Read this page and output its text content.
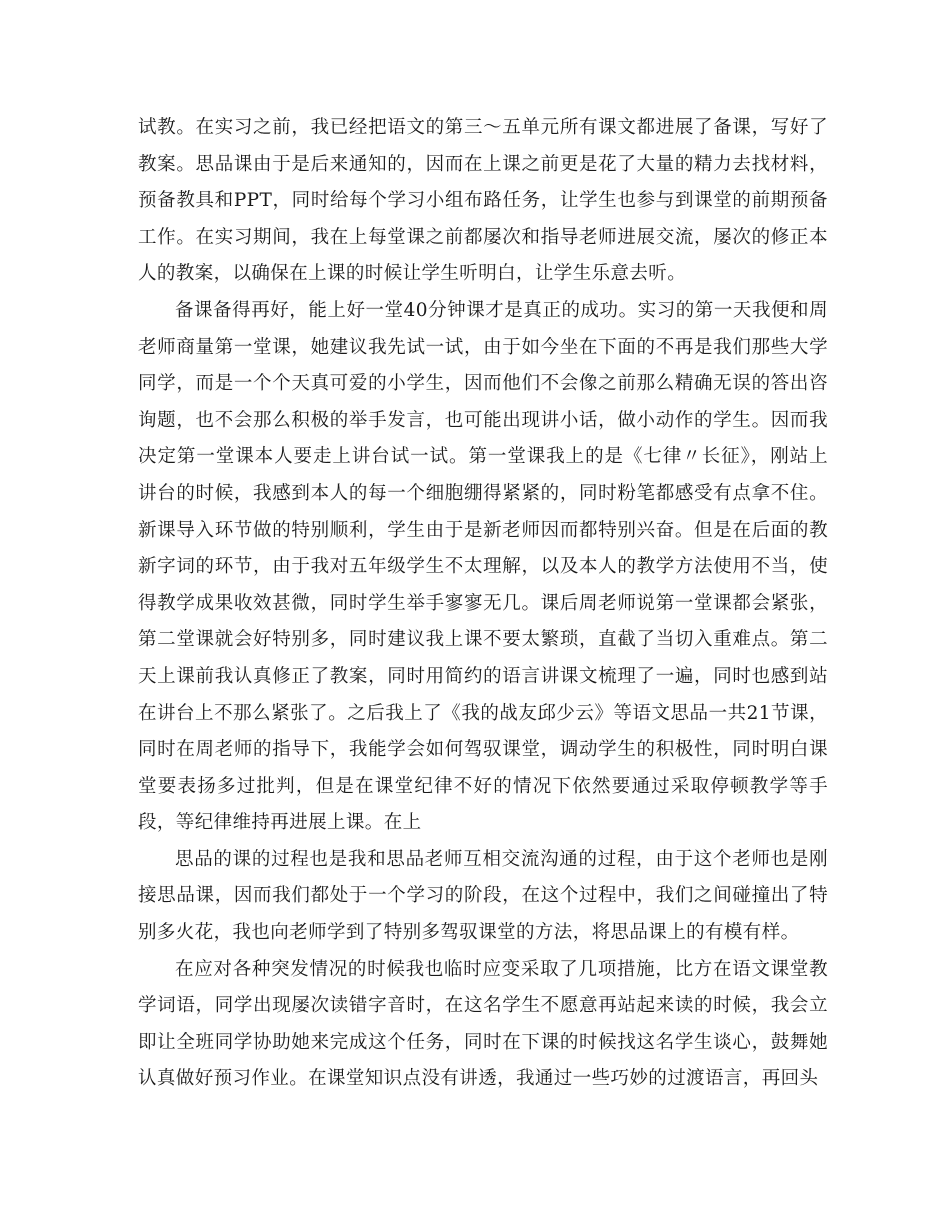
试教。在实习之前，我已经把语文的第三～五单元所有课文都进展了备课，写好了教案。思品课由于是后来通知的，因而在上课之前更是花了大量的精力去找材料，预备教具和PPT，同时给每个学习小组布路任务，让学生也参与到课堂的前期预备工作。在实习期间，我在上每堂课之前都屡次和指导老师进展交流，屡次的修正本人的教案，以确保在上课的时候让学生听明白，让学生乐意去听。

备课备得再好，能上好一堂40分钟课才是真正的成功。实习的第一天我便和周老师商量第一堂课，她建议我先试一试，由于如今坐在下面的不再是我们那些大学同学，而是一个个天真可爱的小学生，因而他们不会像之前那么精确无误的答出咨询题，也不会那么积极的举手发言，也可能出现讲小话，做小动作的学生。因而我决定第一堂课本人要走上讲台试一试。第一堂课我上的是《七律〃长征》，刚站上讲台的时候，我感到本人的每一个细胞绷得紧紧的，同时粉笔都感受有点拿不住。新课导入环节做的特别顺利，学生由于是新老师因而都特别兴奋。但是在后面的教新字词的环节，由于我对五年级学生不太理解，以及本人的教学方法使用不当，使得教学成果收效甚微，同时学生举手寥寥无几。课后周老师说第一堂课都会紧张，第二堂课就会好特别多，同时建议我上课不要太繁琐，直截了当切入重难点。第二天上课前我认真修正了教案，同时用简约的语言讲课文梳理了一遍，同时也感到站在讲台上不那么紧张了。之后我上了《我的战友邱少云》等语文思品一共21节课，同时在周老师的指导下，我能学会如何驾驭课堂，调动学生的积极性，同时明白课堂要表扬多过批判，但是在课堂纪律不好的情况下依然要通过采取停顿教学等手段，等纪律维持再进展上课。在上

思品的课的过程也是我和思品老师互相交流沟通的过程，由于这个老师也是刚接思品课，因而我们都处于一个学习的阶段，在这个过程中，我们之间碰撞出了特别多火花，我也向老师学到了特别多驾驭课堂的方法，将思品课上的有模有样。

在应对各种突发情况的时候我也临时应变采取了几项措施，比方在语文课堂教学词语，同学出现屡次读错字音时，在这名学生不愿意再站起来读的时候，我会立即让全班同学协助她来完成这个任务，同时在下课的时候找这名学生谈心，鼓舞她认真做好预习作业。在课堂知识点没有讲透，我通过一些巧妙的过渡语言，再回头
